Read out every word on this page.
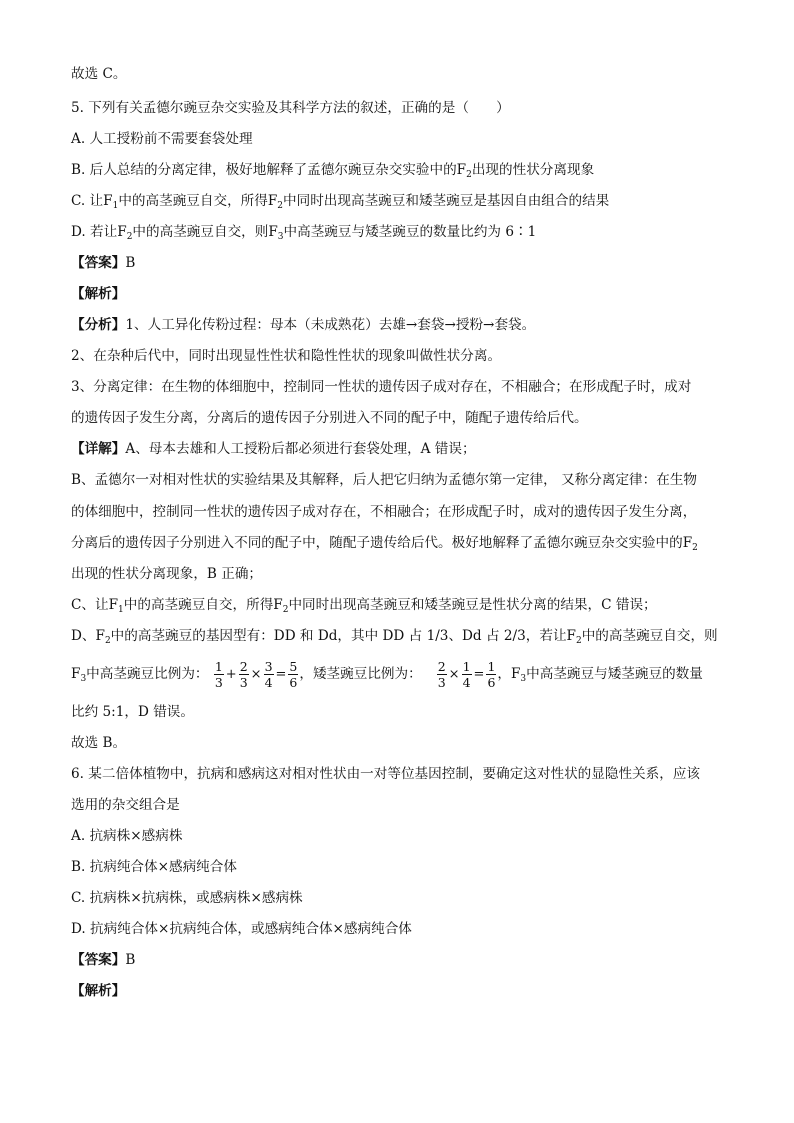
故选 C。
5. 下列有关孟德尔豌豆杂交实验及其科学方法的叙述，正确的是（　　）
A. 人工授粉前不需要套袋处理
B. 后人总结的分离定律，极好地解释了孟德尔豌豆杂交实验中的$F_2$出现的性状分离现象
C. 让$F_1$中的高茎豌豆自交，所得$F_2$中同时出现高茎豌豆和矮茎豌豆是基因自由组合的结果
D. 若让$F_2$中的高茎豌豆自交，则$F_3$中高茎豌豆与矮茎豌豆的数量比约为 6∶1
【答案】B
【解析】
【分析】1、人工异化传粉过程：母本（未成熟花）去雄→套袋→授粉→套袋。
2、在杂种后代中，同时出现显性性状和隐性性状的现象叫做性状分离。
3、分离定律：在生物的体细胞中，控制同一性状的遗传因子成对存在，不相融合；在形成配子时，成对
的遗传因子发生分离，分离后的遗传因子分别进入不同的配子中，随配子遗传给后代。
【详解】A、母本去雄和人工授粉后都必须进行套袋处理，A 错误；
B、孟德尔一对相对性状的实验结果及其解释，后人把它归纳为孟德尔第一定律， 又称分离定律：在生物
的体细胞中，控制同一性状的遗传因子成对存在，不相融合；在形成配子时，成对的遗传因子发生分离，
分离后的遗传因子分别进入不同的配子中，随配子遗传给后代。极好地解释了孟德尔豌豆杂交实验中的$F_2$
出现的性状分离现象，B 正确；
C、让$F_1$中的高茎豌豆自交，所得$F_2$中同时出现高茎豌豆和矮茎豌豆是性状分离的结果，C 错误；
D、$F_2$中的高茎豌豆的基因型有：DD 和 Dd，其中 DD 占 1/3、Dd 占 2/3，若让$F_2$中的高茎豌豆自交，则
$F_3$中高茎豌豆比例为： $\frac{1}{3} + \frac{2}{3} \times \frac{3}{4} = \frac{5}{6}$ ，矮茎豌豆比例为： $\frac{2}{3} \times \frac{1}{4} = \frac{1}{6}$ ，$F_3$中高茎豌豆与矮茎豌豆的数量
比约 5:1，D 错误。
故选 B。
6. 某二倍体植物中，抗病和感病这对相对性状由一对等位基因控制，要确定这对性状的显隐性关系，应该
选用的杂交组合是
A. 抗病株×感病株
B. 抗病纯合体×感病纯合体
C. 抗病株×抗病株，或感病株×感病株
D. 抗病纯合体×抗病纯合体，或感病纯合体×感病纯合体
【答案】B
【解析】
